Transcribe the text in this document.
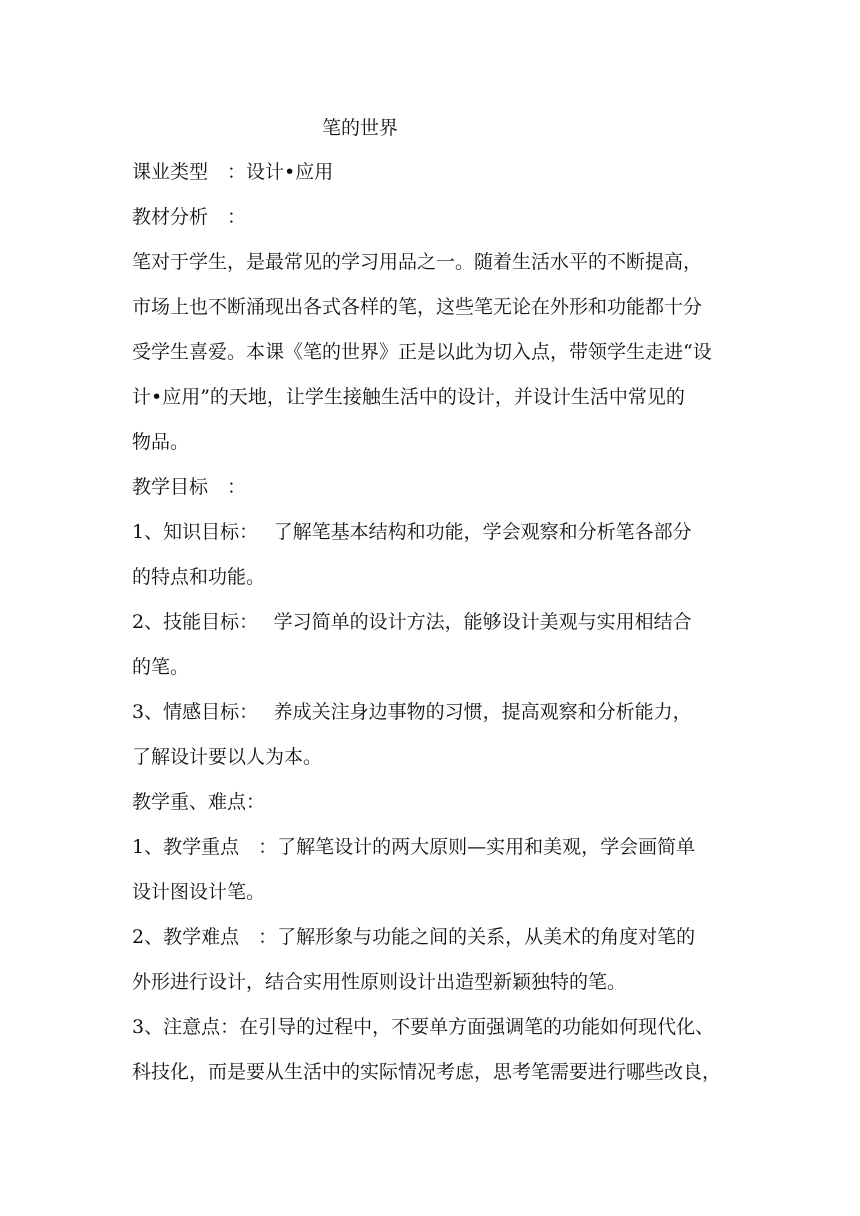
笔的世界
课业类型　：设计•应用
教材分析　：
笔对于学生，是最常见的学习用品之一。随着生活水平的不断提高，
市场上也不断涌现出各式各样的笔，这些笔无论在外形和功能都十分
受学生喜爱。本课《笔的世界》正是以此为切入点，带领学生走进“设
计•应用”的天地，让学生接触生活中的设计，并设计生活中常见的
物品。
教学目标　：
1、知识目标：　 了解笔基本结构和功能，学会观察和分析笔各部分
的特点和功能。
2、技能目标：　 学习简单的设计方法，能够设计美观与实用相结合
的笔。
3、情感目标：　 养成关注身边事物的习惯，提高观察和分析能力，
了解设计要以人为本。
教学重、难点：
1、教学重点　：了解笔设计的两大原则—实用和美观，学会画简单
设计图设计笔。
2、教学难点　：了解形象与功能之间的关系，从美术的角度对笔的
外形进行设计，结合实用性原则设计出造型新颖独特的笔。
3、注意点：在引导的过程中，不要单方面强调笔的功能如何现代化、
科技化，而是要从生活中的实际情况考虑，思考笔需要进行哪些改良，
